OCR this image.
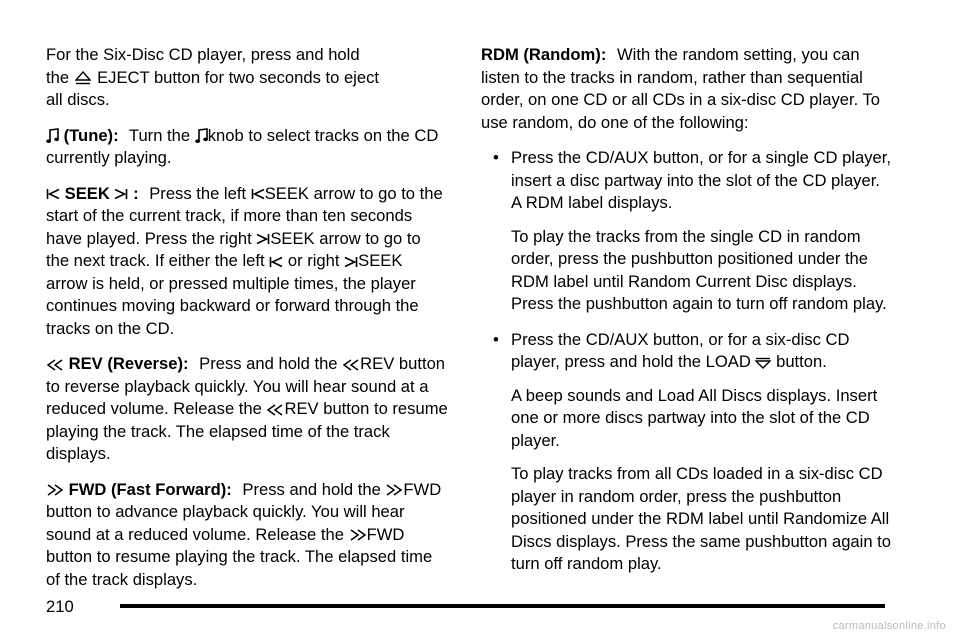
For the Six-Disc CD player, press and hold
the EJECT button for two seconds to eject
all discs.

(Tune): Turn the knob to select tracks on the CD currently playing.

SEEK : Press the left SEEK arrow to go to the start of the current track, if more than ten seconds have played. Press the right SEEK arrow to go to the next track. If either the left or right SEEK arrow is held, or pressed multiple times, the player continues moving backward or forward through the tracks on the CD.

REV (Reverse): Press and hold the REV button to reverse playback quickly. You will hear sound at a reduced volume. Release the REV button to resume playing the track. The elapsed time of the track displays.

FWD (Fast Forward): Press and hold the FWD button to advance playback quickly. You will hear sound at a reduced volume. Release the FWD button to resume playing the track. The elapsed time of the track displays.

RDM (Random): With the random setting, you can listen to the tracks in random, rather than sequential order, on one CD or all CDs in a six-disc CD player. To use random, do one of the following:

• Press the CD/AUX button, or for a single CD player, insert a disc partway into the slot of the CD player. A RDM label displays.

To play the tracks from the single CD in random order, press the pushbutton positioned under the RDM label until Random Current Disc displays. Press the pushbutton again to turn off random play.

• Press the CD/AUX button, or for a six-disc CD player, press and hold the LOAD button.

A beep sounds and Load All Discs displays. Insert one or more discs partway into the slot of the CD player.

To play tracks from all CDs loaded in a six-disc CD player in random order, press the pushbutton positioned under the RDM label until Randomize All Discs displays. Press the same pushbutton again to turn off random play.

210
carmanualsonline.info
